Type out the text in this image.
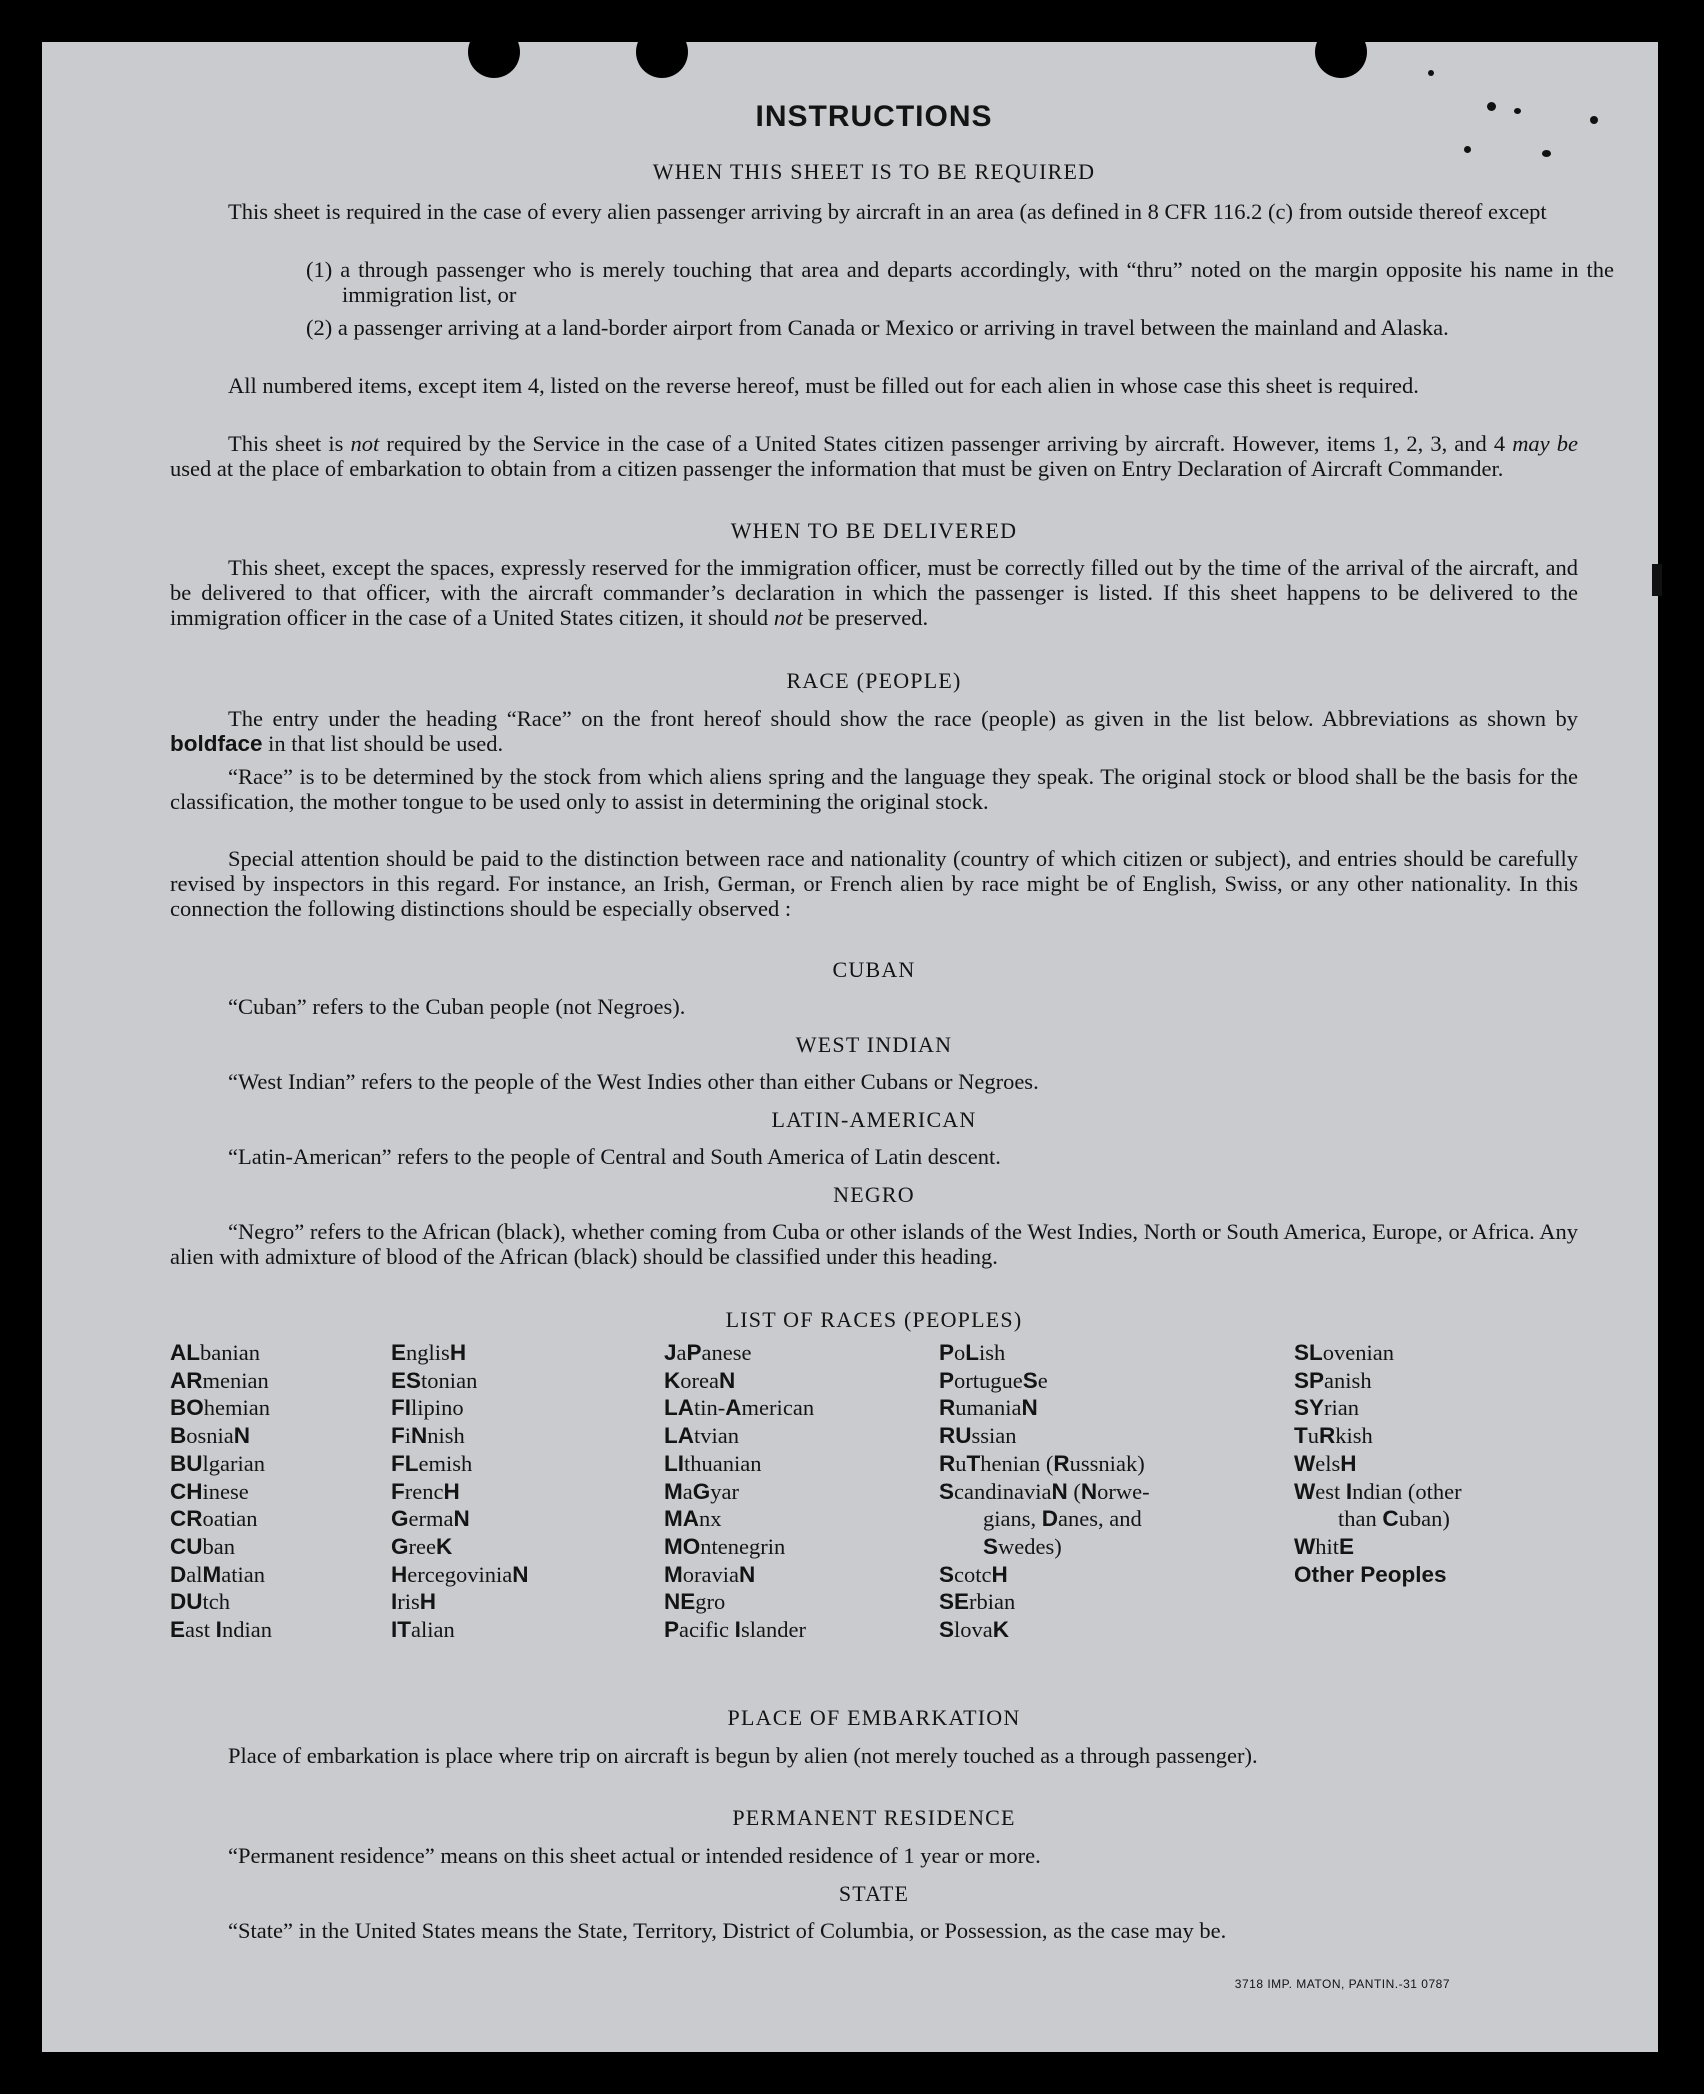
INSTRUCTIONS
WHEN THIS SHEET IS TO BE REQUIRED

This sheet is required in the case of every alien passenger arriving by aircraft in an area (as defined in 8 CFR 116.2 (c) from outside thereof except

(1) a through passenger who is merely touching that area and departs accordingly, with “thru” noted on the margin opposite his name in the immigration list, or

(2) a passenger arriving at a land-border airport from Canada or Mexico or arriving in travel between the mainland and Alaska.

All numbered items, except item 4, listed on the reverse hereof, must be filled out for each alien in whose case this sheet is required.

This sheet is not required by the Service in the case of a United States citizen passenger arriving by aircraft. However, items 1, 2, 3, and 4 may be used at the place of embarkation to obtain from a citizen passenger the information that must be given on Entry Declaration of Aircraft Commander.

WHEN TO BE DELIVERED

This sheet, except the spaces, expressly reserved for the immigration officer, must be correctly filled out by the time of the arrival of the aircraft, and be delivered to that officer, with the aircraft commander’s declaration in which the passenger is listed. If this sheet happens to be delivered to the immigration officer in the case of a United States citizen, it should not be preserved.

RACE (PEOPLE)

The entry under the heading “Race” on the front hereof should show the race (people) as given in the list below. Abbreviations as shown by boldface in that list should be used.

“Race” is to be determined by the stock from which aliens spring and the language they speak. The original stock or blood shall be the basis for the classification, the mother tongue to be used only to assist in determining the original stock.

Special attention should be paid to the distinction between race and nationality (country of which citizen or subject), and entries should be carefully revised by inspectors in this regard. For instance, an Irish, German, or French alien by race might be of English, Swiss, or any other nationality. In this connection the following distinctions should be especially observed :

CUBAN

“Cuban” refers to the Cuban people (not Negroes).

WEST INDIAN

“West Indian” refers to the people of the West Indies other than either Cubans or Negroes.

LATIN-AMERICAN

“Latin-American” refers to the people of Central and South America of Latin descent.

NEGRO

“Negro” refers to the African (black), whether coming from Cuba or other islands of the West Indies, North or South America, Europe, or Africa. Any alien with admixture of blood of the African (black) should be classified under this heading.

LIST OF RACES (PEOPLES)
ALbanian
ARmenian
BOhemian
BosniaN
BUlgarian
CHinese
CRoatian
CUban
DalMatian
DUtch
East Indian
EnglisH
EStonian
FIlipino
FiNnish
FLemish
FrencH
GermaN
GreeK
HercegoviniaN
IrisH
ITalian
JaPanese
KoreaN
LAtin-American
LAtvian
LIthuanian
MaGyar
MAnx
MOntenegrin
MoraviaN
NEgro
Pacific Islander
PoLish
PortugueSe
RumaniaN
RUssian
RuThenian (Russniak)
ScandinaviaN (Norwe-
gians, Danes, and
Swedes)
ScotcH
SErbian
SlovaK
SLovenian
SPanish
SYrian
TuRkish
WelsH
West Indian (other
than Cuban)
WhitE
Other Peoples
PLACE OF EMBARKATION

Place of embarkation is place where trip on aircraft is begun by alien (not merely touched as a through passenger).

PERMANENT RESIDENCE

“Permanent residence” means on this sheet actual or intended residence of 1 year or more.

STATE

“State” in the United States means the State, Territory, District of Columbia, or Possession, as the case may be.

3718 IMP. MATON, PANTIN.-31 0787
